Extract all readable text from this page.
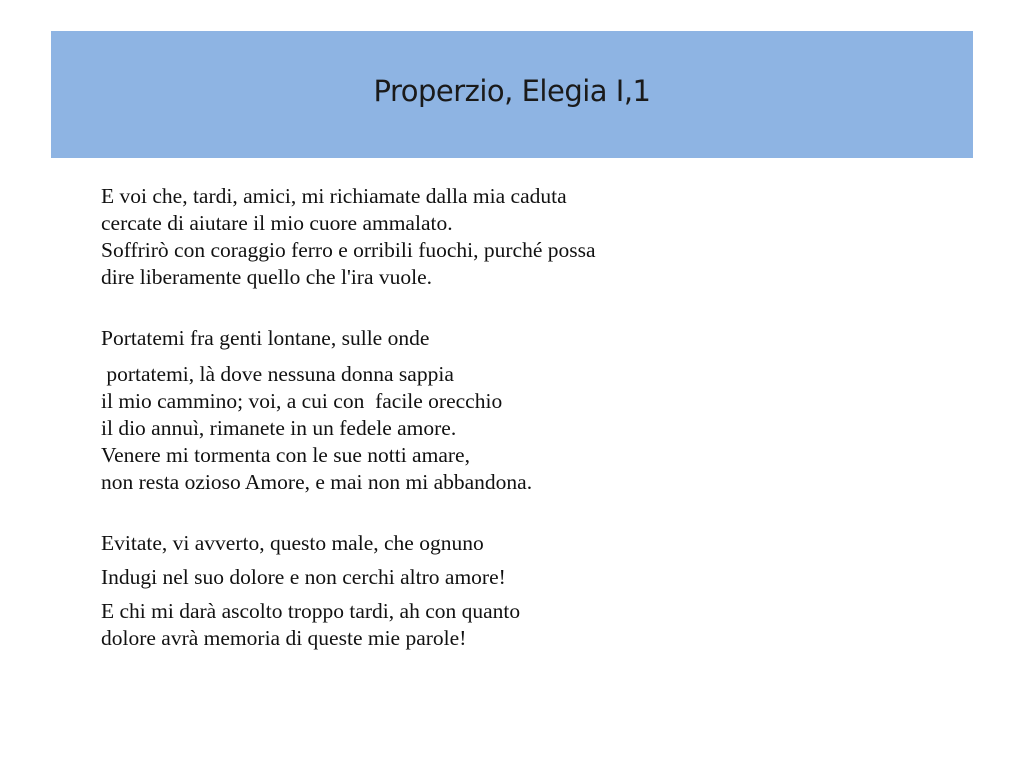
Properzio, Elegia I,1
E voi che, tardi, amici, mi richiamate dalla mia caduta
cercate di aiutare il mio cuore ammalato.
Soffrirò con coraggio ferro e orribili fuochi, purché possa
dire liberamente quello che l'ira vuole.
Portatemi fra genti lontane, sulle onde
portatemi, là dove nessuna donna sappia
il mio cammino; voi, a cui con  facile orecchio
il dio annuì, rimanete in un fedele amore.
Venere mi tormenta con le sue notti amare,
non resta ozioso Amore, e mai non mi abbandona.
Evitate, vi avverto, questo male, che ognuno
Indugi nel suo dolore e non cerchi altro amore!
E chi mi darà ascolto troppo tardi, ah con quanto
dolore avrà memoria di queste mie parole!
